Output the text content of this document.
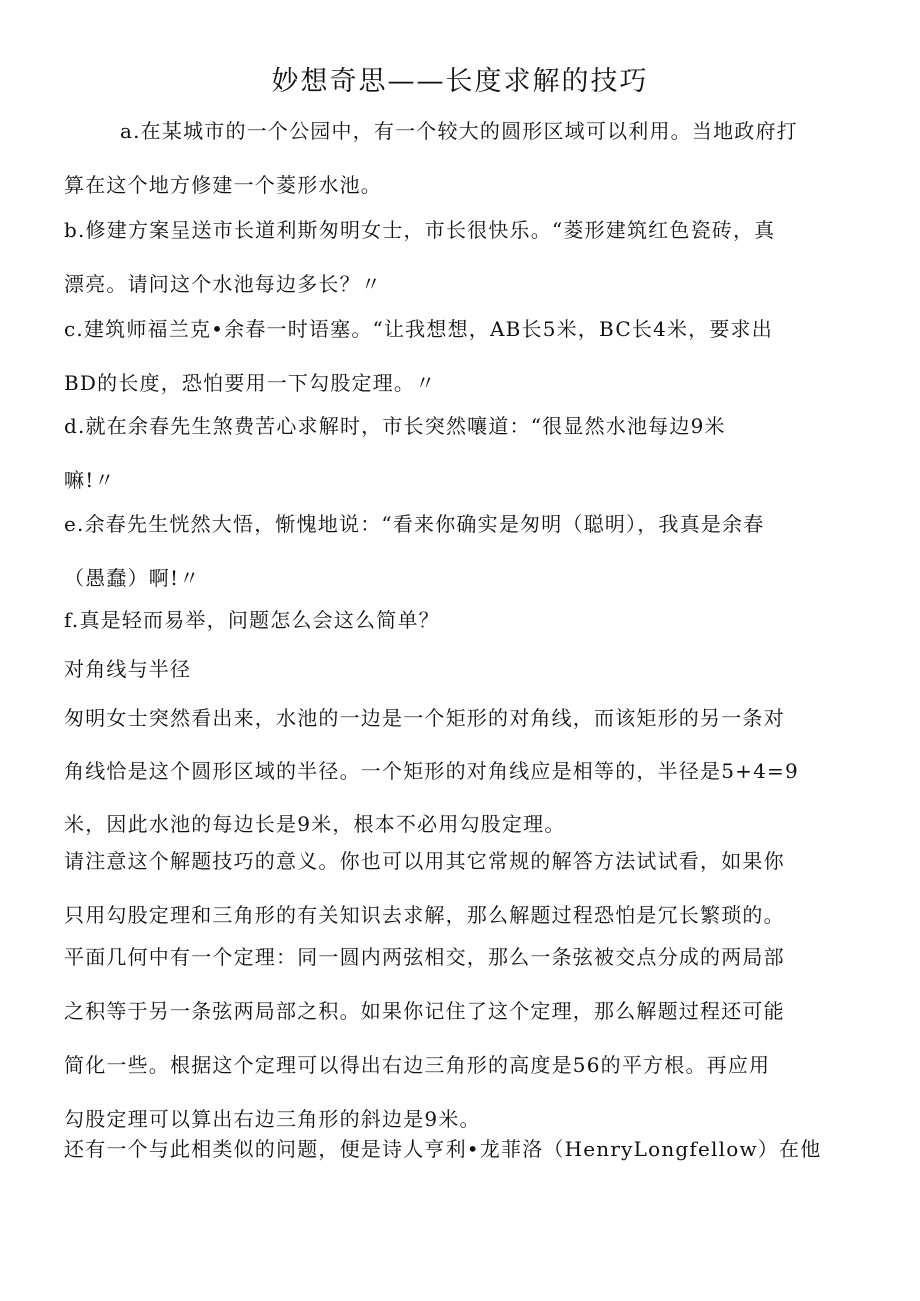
妙想奇思——长度求解的技巧

a.在某城市的一个公园中，有一个较大的圆形区域可以利用。当地政府打
算在这个地方修建一个菱形水池。

b.修建方案呈送市长道利斯匆明女士，市长很快乐。“菱形建筑红色瓷砖，真
漂亮。请问这个水池每边多长？〃

c.建筑师福兰克•余春一时语塞。“让我想想，AB长5米，BC长4米，要求出
BD的长度，恐怕要用一下勾股定理。〃

d.就在余春先生煞费苦心求解时，市长突然嚷道：“很显然水池每边9米
嘛!〃

e.余春先生恍然大悟，惭愧地说：“看来你确实是匆明（聪明），我真是余春
（愚蠢）啊!〃

f.真是轻而易举，问题怎么会这么简单？

对角线与半径

匆明女士突然看出来，水池的一边是一个矩形的对角线，而该矩形的另一条对
角线恰是这个圆形区域的半径。一个矩形的对角线应是相等的，半径是5+4=9
米，因此水池的每边长是9米，根本不必用勾股定理。

请注意这个解题技巧的意义。你也可以用其它常规的解答方法试试看，如果你
只用勾股定理和三角形的有关知识去求解，那么解题过程恐怕是冗长繁琐的。

平面几何中有一个定理：同一圆内两弦相交，那么一条弦被交点分成的两局部
之积等于另一条弦两局部之积。如果你记住了这个定理，那么解题过程还可能
简化一些。根据这个定理可以得出右边三角形的高度是56的平方根。再应用
勾股定理可以算出右边三角形的斜边是9米。

还有一个与此相类似的问题，便是诗人亨利•龙菲洛（HenryLongfellow）在他
